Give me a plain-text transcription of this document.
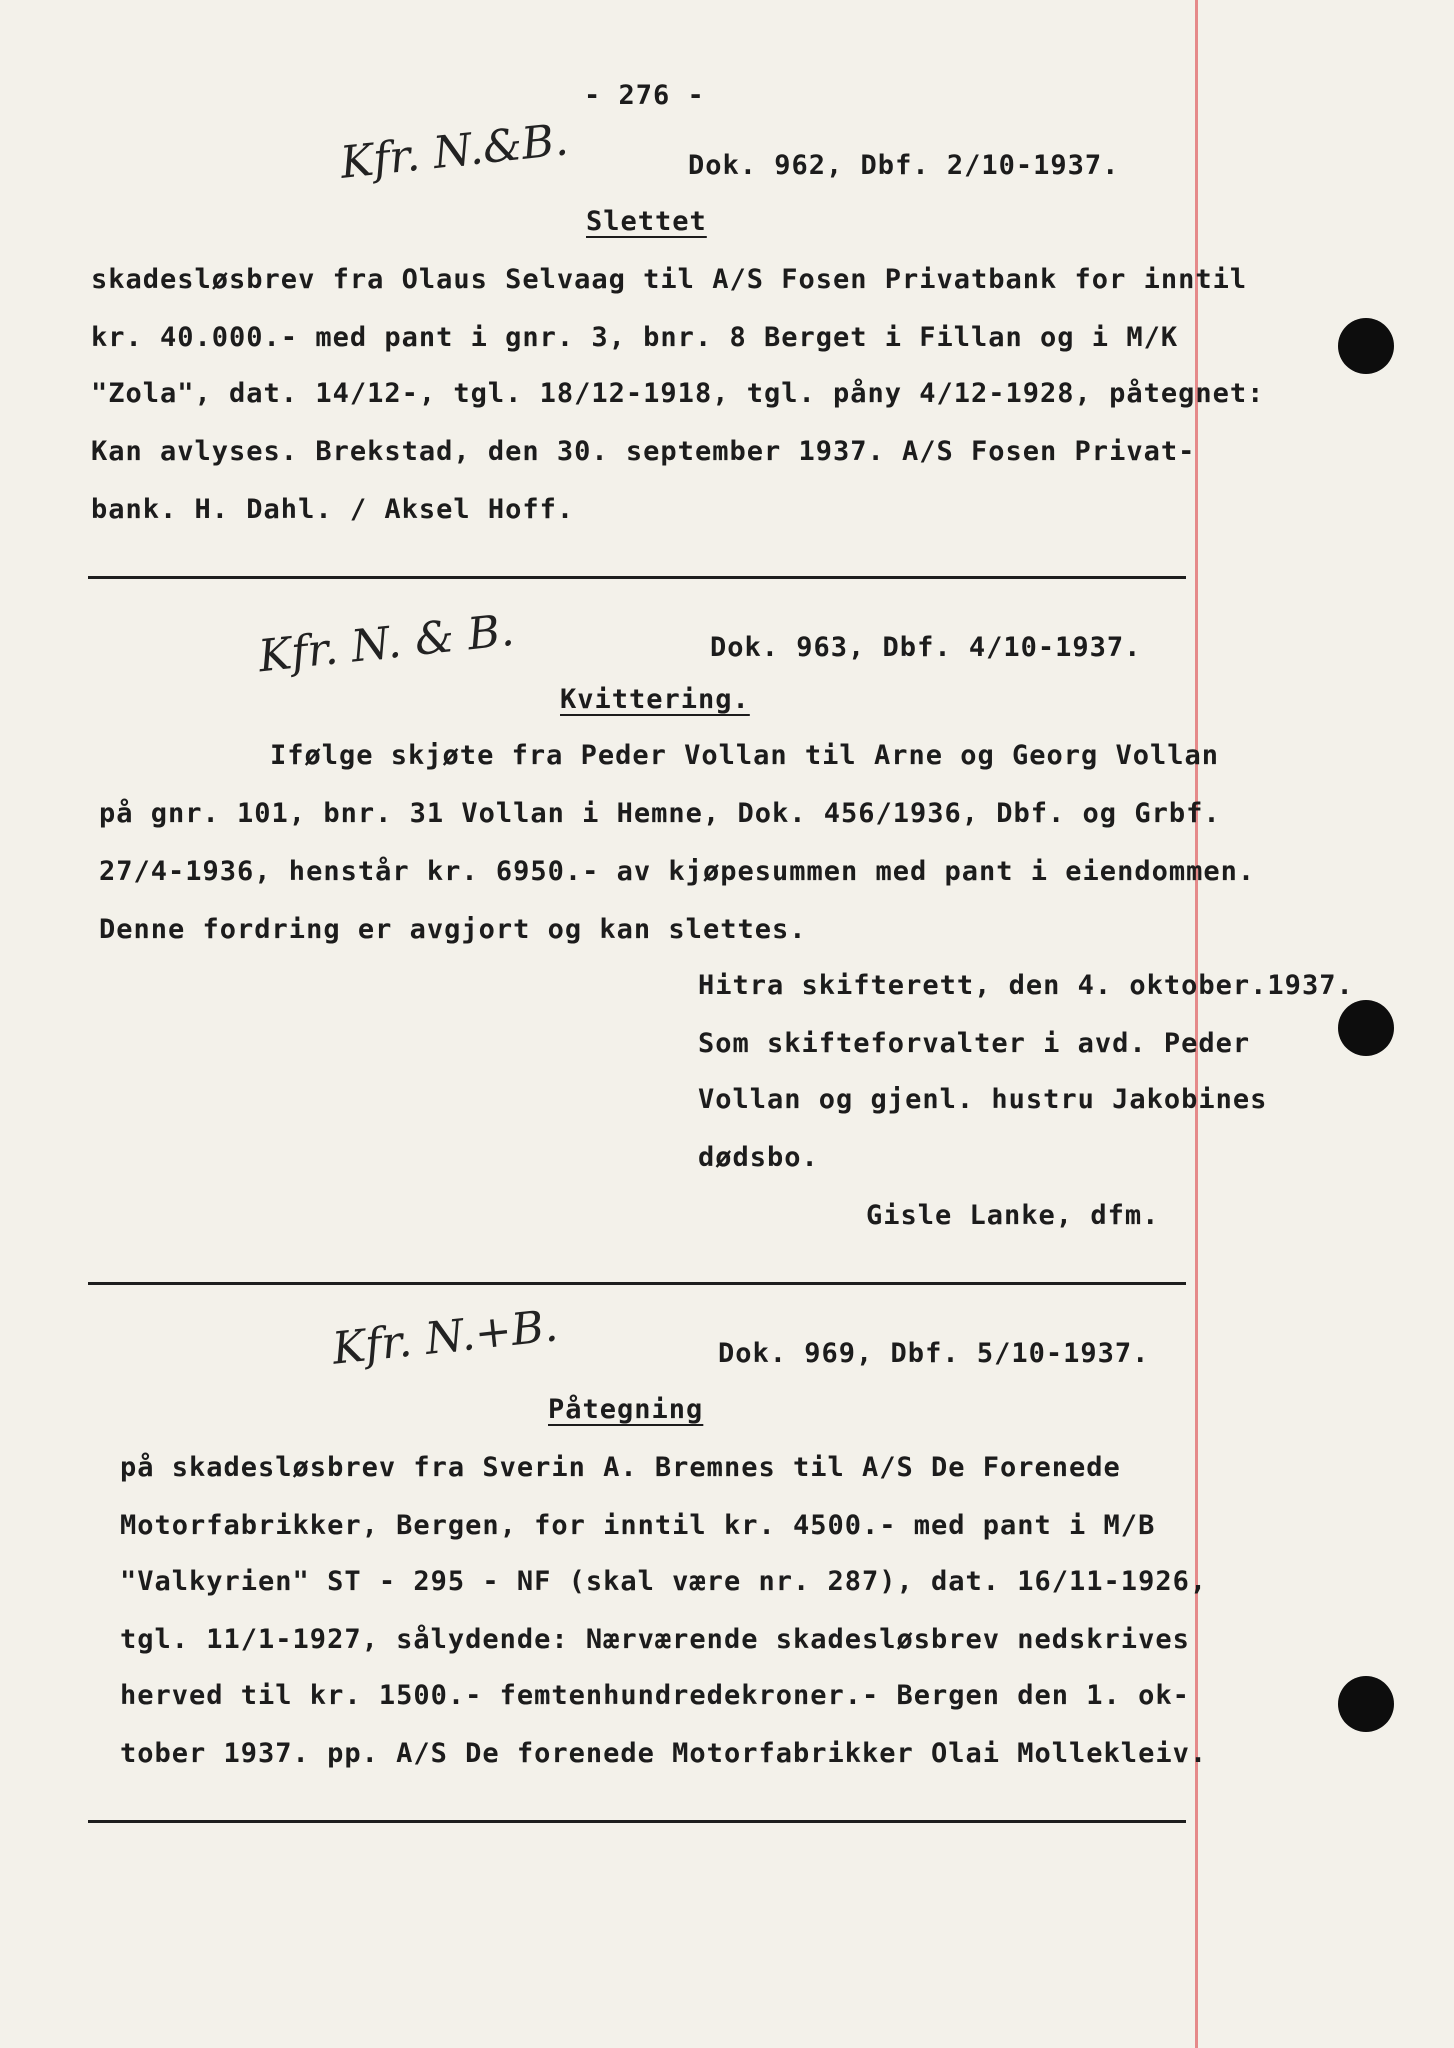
- 276 -
Kfr. N.&B.	Dok. 962, Dbf. 2/10-1937.
Slettet
skadesløsbrev fra Olaus Selvaag til A/S Fosen Privatbank for inntil
kr. 40.000.- med pant i gnr. 3, bnr. 8 Berget i Fillan og i M/K
"Zola", dat. 14/12-, tgl. 18/12-1918, tgl. påny 4/12-1928, påtegnet:
Kan avlyses. Brekstad, den 30. september 1937. A/S Fosen Privat-
bank. H. Dahl. / Aksel Hoff.
Kfr. N. & B.	Dok. 963, Dbf. 4/10-1937.
Kvittering.
Ifølge skjøte fra Peder Vollan til Arne og Georg Vollan
på gnr. 101, bnr. 31 Vollan i Hemne, Dok. 456/1936, Dbf. og Grbf.
27/4-1936, henstår kr. 6950.- av kjøpesummen med pant i eiendommen.
Denne fordring er avgjort og kan slettes.
Hitra skifterett, den 4. oktober.1937.
Som skifteforvalter i avd. Peder
Vollan og gjenl. hustru Jakobines
dødsbo.
Gisle Lanke, dfm.
Kfr. N.+B.	Dok. 969, Dbf. 5/10-1937.
Påtegning
på skadesløsbrev fra Sverin A. Bremnes til A/S De Forenede
Motorfabrikker, Bergen, for inntil kr. 4500.- med pant i M/B
"Valkyrien" ST - 295 - NF (skal være nr. 287), dat. 16/11-1926,
tgl. 11/1-1927, sålydende: Nærværende skadesløsbrev nedskrives
herved til kr. 1500.- femtenhundredekroner.- Bergen den 1. ok-
tober 1937. pp. A/S De forenede Motorfabrikker Olai Mollekleiv.
